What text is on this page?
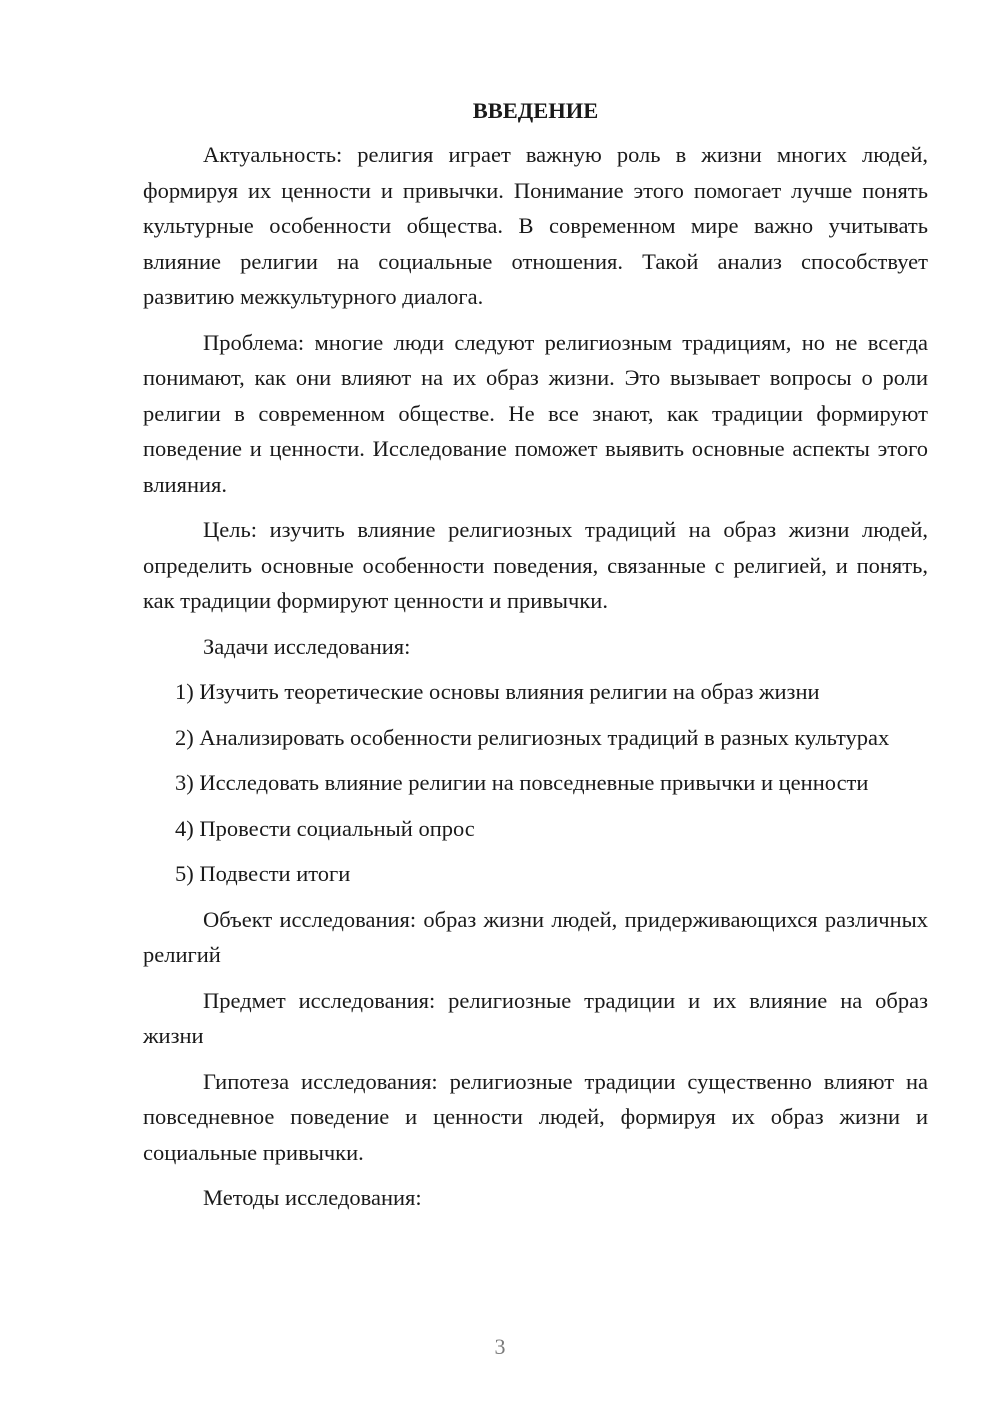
ВВЕДЕНИЕ

Актуальность: религия играет важную роль в жизни многих людей, формируя их ценности и привычки. Понимание этого помогает лучше понять культурные особенности общества. В современном мире важно учитывать влияние религии на социальные отношения. Такой анализ способствует развитию межкультурного диалога.

Проблема: многие люди следуют религиозным традициям, но не всегда понимают, как они влияют на их образ жизни. Это вызывает вопросы о роли религии в современном обществе. Не все знают, как традиции формируют поведение и ценности. Исследование поможет выявить основные аспекты этого влияния.

Цель: изучить влияние религиозных традиций на образ жизни людей, определить основные особенности поведения, связанные с религией, и понять, как традиции формируют ценности и привычки.

Задачи исследования:

1) Изучить теоретические основы влияния религии на образ жизни

2) Анализировать особенности религиозных традиций в разных культурах

3) Исследовать влияние религии на повседневные привычки и ценности

4) Провести социальный опрос

5) Подвести итоги

Объект исследования: образ жизни людей, придерживающихся различных религий

Предмет исследования: религиозные традиции и их влияние на образ жизни

Гипотеза исследования: религиозные традиции существенно влияют на повседневное поведение и ценности людей, формируя их образ жизни и социальные привычки.

Методы исследования:

3
